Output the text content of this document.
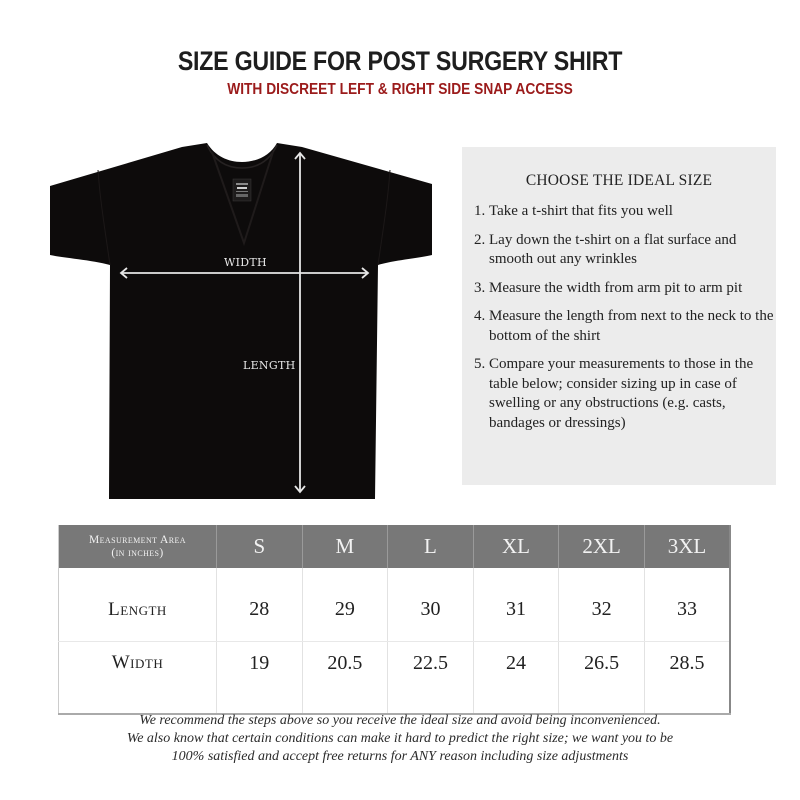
SIZE GUIDE FOR POST SURGERY SHIRT
WITH DISCREET LEFT & RIGHT SIDE SNAP ACCESS
WIDTH
LENGTH
CHOOSE THE IDEAL SIZE
1. Take a t-shirt that fits you well
2. Lay down the t-shirt on a flat surface and smooth out any wrinkles
3. Measure the width from arm pit to arm pit
4. Measure the length from next to the neck to the bottom of the shirt
5. Compare your measurements to those in the table below; consider sizing up in case of swelling or any obstructions (e.g. casts, bandages or dressings)
Measurement Area
(in inches)	S	M	L	XL	2XL	3XL
Length	28	29	30	31	32	33
Width	19	20.5	22.5	24	26.5	28.5
We recommend the steps above so you receive the ideal size and avoid being inconvenienced.
We also know that certain conditions can make it hard to predict the right size; we want you to be
100% satisfied and accept free returns for ANY reason including size adjustments
